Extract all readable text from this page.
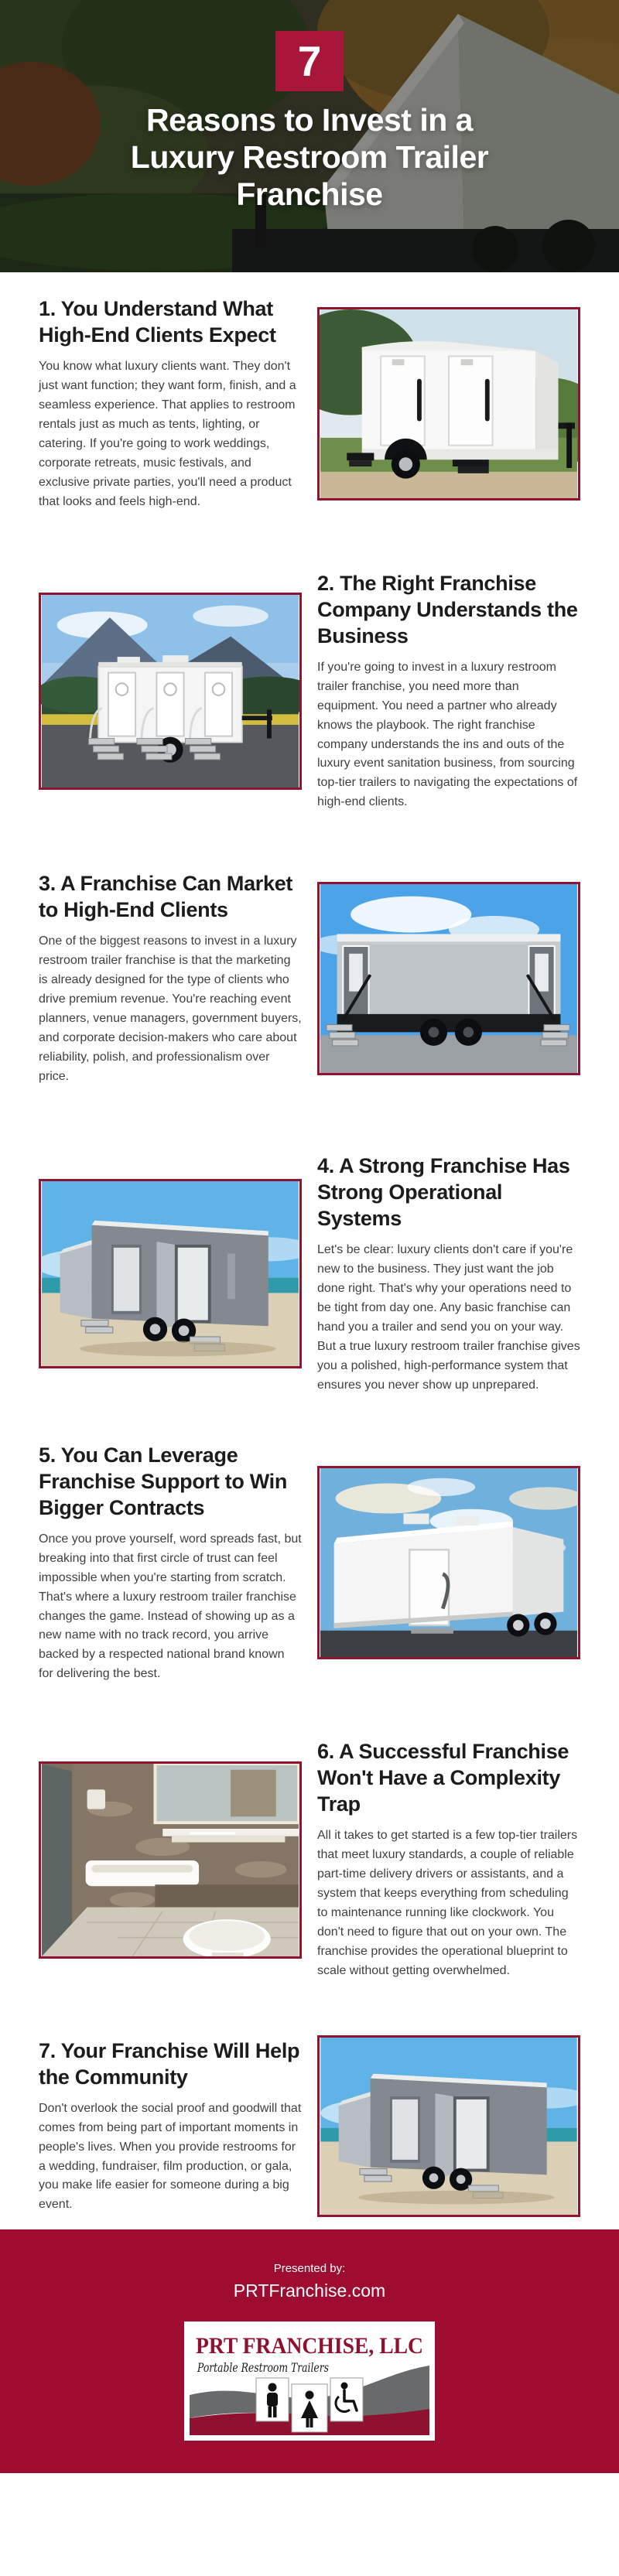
7
Reasons to Invest in a
Luxury Restroom Trailer
Franchise
1. You Understand What High-End Clients Expect

You know what luxury clients want. They don't just want function; they want form, finish, and a seamless experience. That applies to restroom rentals just as much as tents, lighting, or catering. If you're going to work weddings, corporate retreats, music festivals, and exclusive private parties, you'll need a product that looks and feels high-end.

2. The Right Franchise Company Understands the Business

If you're going to invest in a luxury restroom trailer franchise, you need more than equipment. You need a partner who already knows the playbook. The right franchise company understands the ins and outs of the luxury event sanitation business, from sourcing top-tier trailers to navigating the expectations of high-end clients.

3. A Franchise Can Market to High-End Clients

One of the biggest reasons to invest in a luxury restroom trailer franchise is that the marketing is already designed for the type of clients who drive premium revenue. You're reaching event planners, venue managers, government buyers, and corporate decision-makers who care about reliability, polish, and professionalism over price.

4. A Strong Franchise Has Strong Operational Systems

Let's be clear: luxury clients don't care if you're new to the business. They just want the job done right. That's why your operations need to be tight from day one. Any basic franchise can hand you a trailer and send you on your way. But a true luxury restroom trailer franchise gives you a polished, high-performance system that ensures you never show up unprepared.

5. You Can Leverage Franchise Support to Win Bigger Contracts

Once you prove yourself, word spreads fast, but breaking into that first circle of trust can feel impossible when you're starting from scratch. That's where a luxury restroom trailer franchise changes the game. Instead of showing up as a new name with no track record, you arrive backed by a respected national brand known for delivering the best.

6. A Successful Franchise Won't Have a Complexity Trap

All it takes to get started is a few top-tier trailers that meet luxury standards, a couple of reliable part-time delivery drivers or assistants, and a system that keeps everything from scheduling to maintenance running like clockwork. You don't need to figure that out on your own. The franchise provides the operational blueprint to scale without getting overwhelmed.

7. Your Franchise Will Help the Community

Don't overlook the social proof and goodwill that comes from being part of important moments in people's lives. When you provide restrooms for a wedding, fundraiser, film production, or gala, you make life easier for someone during a big event.

Presented by:
PRTFranchise.com
PRT FRANCHISE, LLC
Portable Restroom Trailers
